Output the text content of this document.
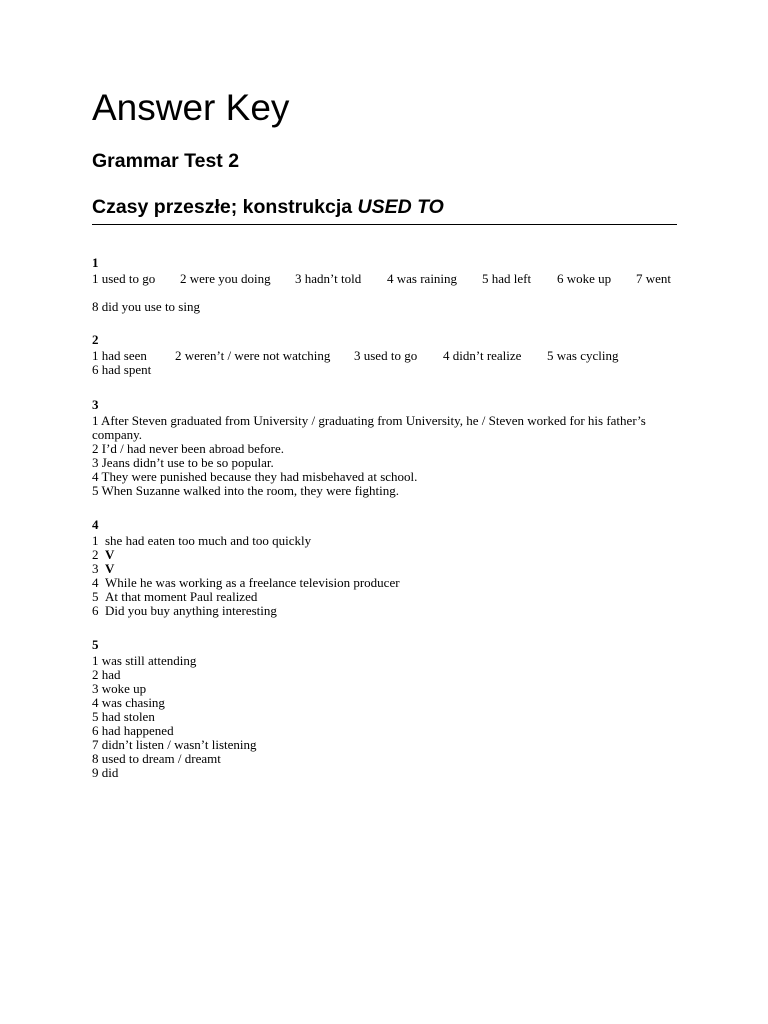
Answer Key
Grammar Test 2
Czasy przeszłe; konstrukcja USED TO
1
1 used to go 2 were you doing 3 hadn’t told 4 was raining 5 had left 6 woke up 7 went
8 did you use to sing
2
1 had seen 2 weren’t / were not watching 3 used to go 4 didn’t realize 5 was cycling
6 had spent
3
1 After Steven graduated from University / graduating from University, he / Steven worked for his father’s company.
2 I’d / had never been abroad before.
3 Jeans didn’t use to be so popular.
4 They were punished because they had misbehaved at school.
5 When Suzanne walked into the room, they were fighting.
4
1 she had eaten too much and too quickly
2 V
3 V
4 While he was working as a freelance television producer
5 At that moment Paul realized
6 Did you buy anything interesting
5
1 was still attending
2 had
3 woke up
4 was chasing
5 had stolen
6 had happened
7 didn’t listen / wasn’t listening
8 used to dream / dreamt
9 did
